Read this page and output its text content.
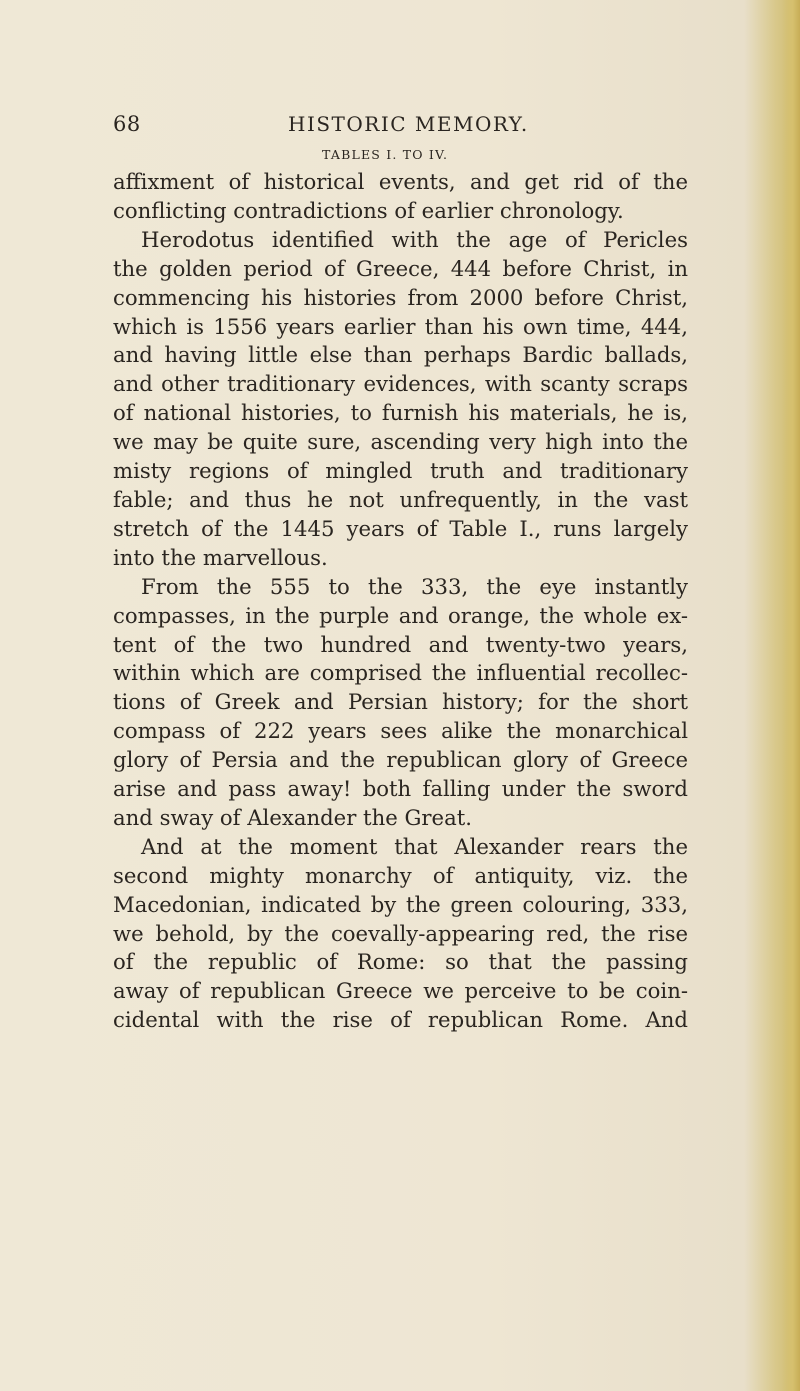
68	HISTORIC MEMORY.
TABLES I. TO IV.
affixment of historical events, and get rid of the
conflicting contradictions of earlier chronology.
Herodotus identified with the age of Pericles
the golden period of Greece, 444 before Christ, in
commencing his histories from 2000 before Christ,
which is 1556 years earlier than his own time, 444,
and having little else than perhaps Bardic ballads,
and other traditionary evidences, with scanty scraps
of national histories, to furnish his materials, he is,
we may be quite sure, ascending very high into the
misty regions of mingled truth and traditionary
fable; and thus he not unfrequently, in the vast
stretch of the 1445 years of Table I., runs largely
into the marvellous.
From the 555 to the 333, the eye instantly
compasses, in the purple and orange, the whole ex-
tent of the two hundred and twenty-two years,
within which are comprised the influential recollec-
tions of Greek and Persian history; for the short
compass of 222 years sees alike the monarchical
glory of Persia and the republican glory of Greece
arise and pass away! both falling under the sword
and sway of Alexander the Great.
And at the moment that Alexander rears the
second mighty monarchy of antiquity, viz. the
Macedonian, indicated by the green colouring, 333,
we behold, by the coevally-appearing red, the rise
of the republic of Rome: so that the passing
away of republican Greece we perceive to be coin-
cidental with the rise of republican Rome. And
